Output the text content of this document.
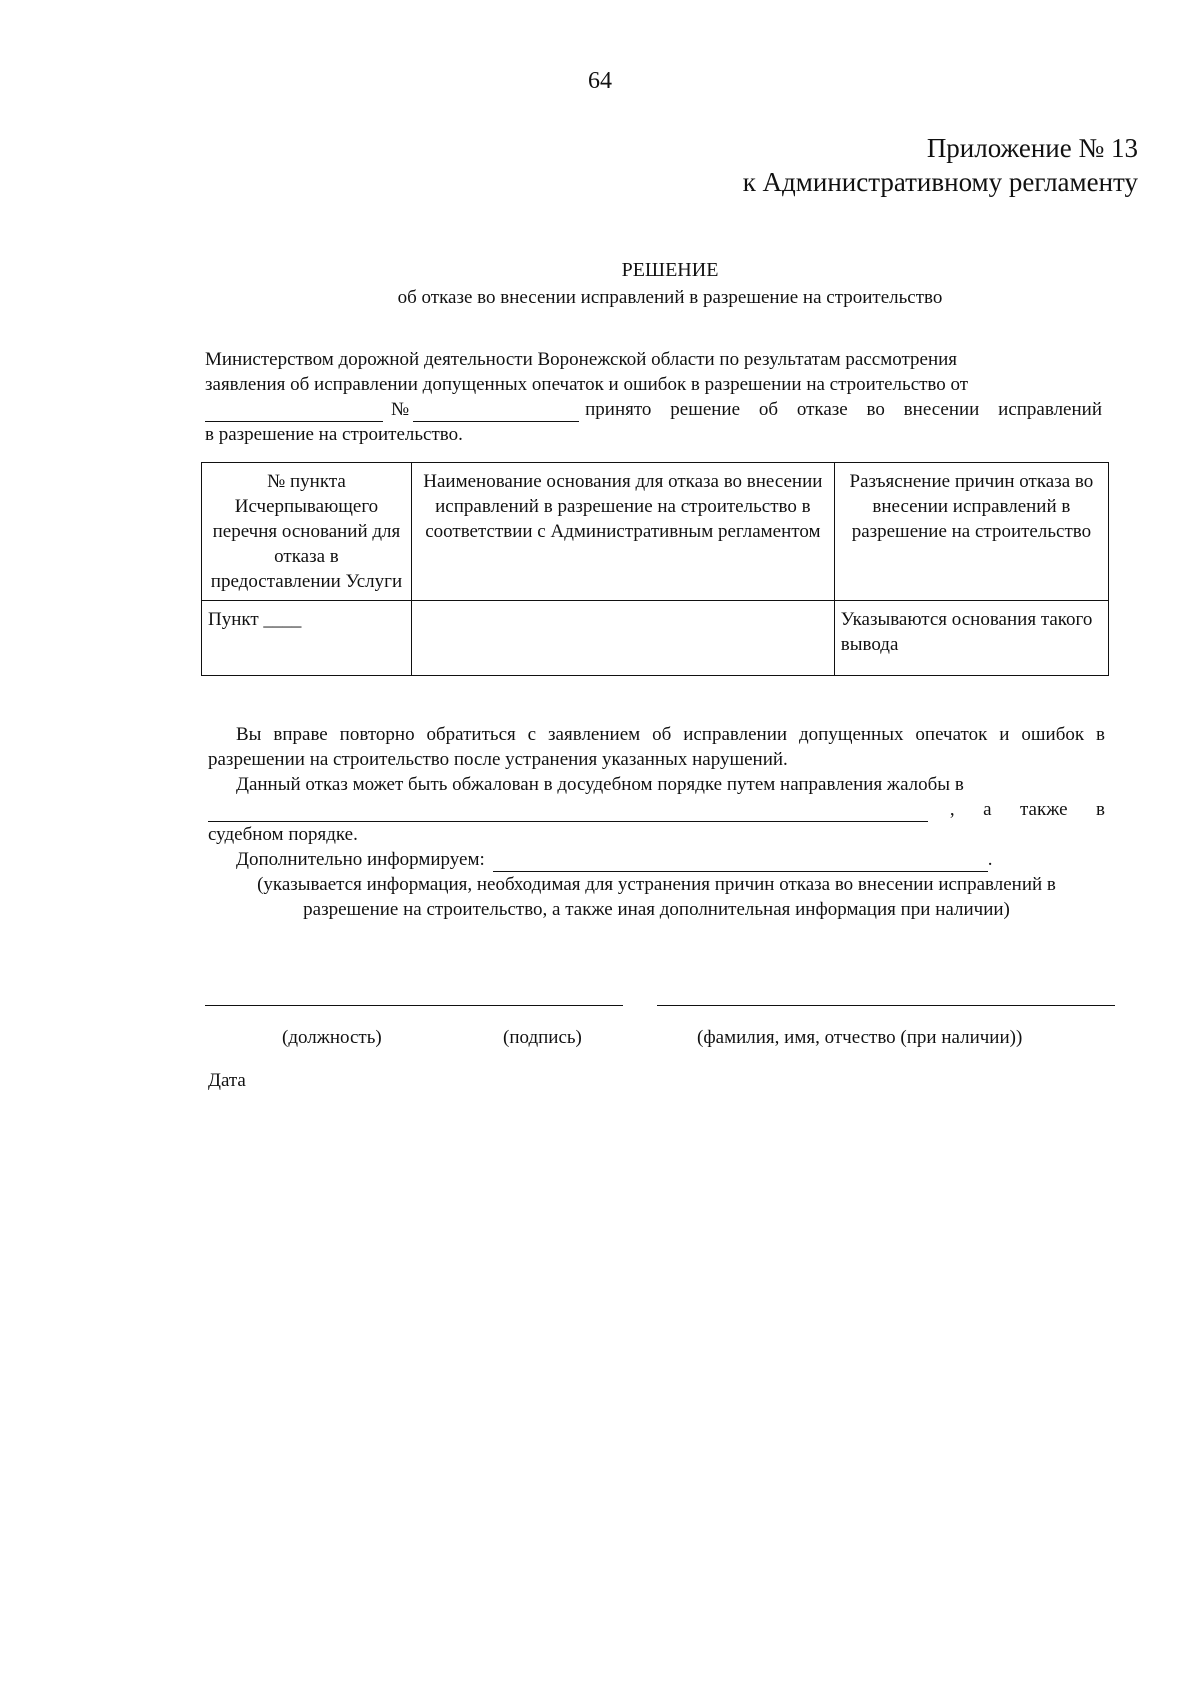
64
Приложение № 13
к Административному регламенту
РЕШЕНИЕ
об отказе во внесении исправлений в разрешение на строительство

Министерством дорожной деятельности Воронежской области по результатам рассмотрения

заявления об исправлении допущенных опечаток и ошибок в разрешении на строительство от

№	принято решение об отказе во внесении исправлений

в разрешение на строительство.

№ пункта Исчерпывающего перечня оснований для отказа в предоставлении Услуги	Наименование основания для отказа во внесении исправлений в разрешение на строительство в соответствии с Административным регламентом	Разъяснение причин отказа во внесении исправлений в разрешение на строительство
Пункт ____		Указываются основания такого вывода

Вы вправе повторно обратиться с заявлением об исправлении допущенных опечаток и ошибок в разрешении на строительство после устранения указанных нарушений.

Данный отказ может быть обжалован в досудебном порядке путем направления жалобы в

,      а      также      в

судебном порядке.

Дополнительно информируем:	.

(указывается информация, необходимая для устранения причин отказа во внесении исправлений в разрешение на строительство, а также иная дополнительная информация при наличии)

(должность)	(подпись)	(фамилия, имя, отчество (при наличии))
Дата
